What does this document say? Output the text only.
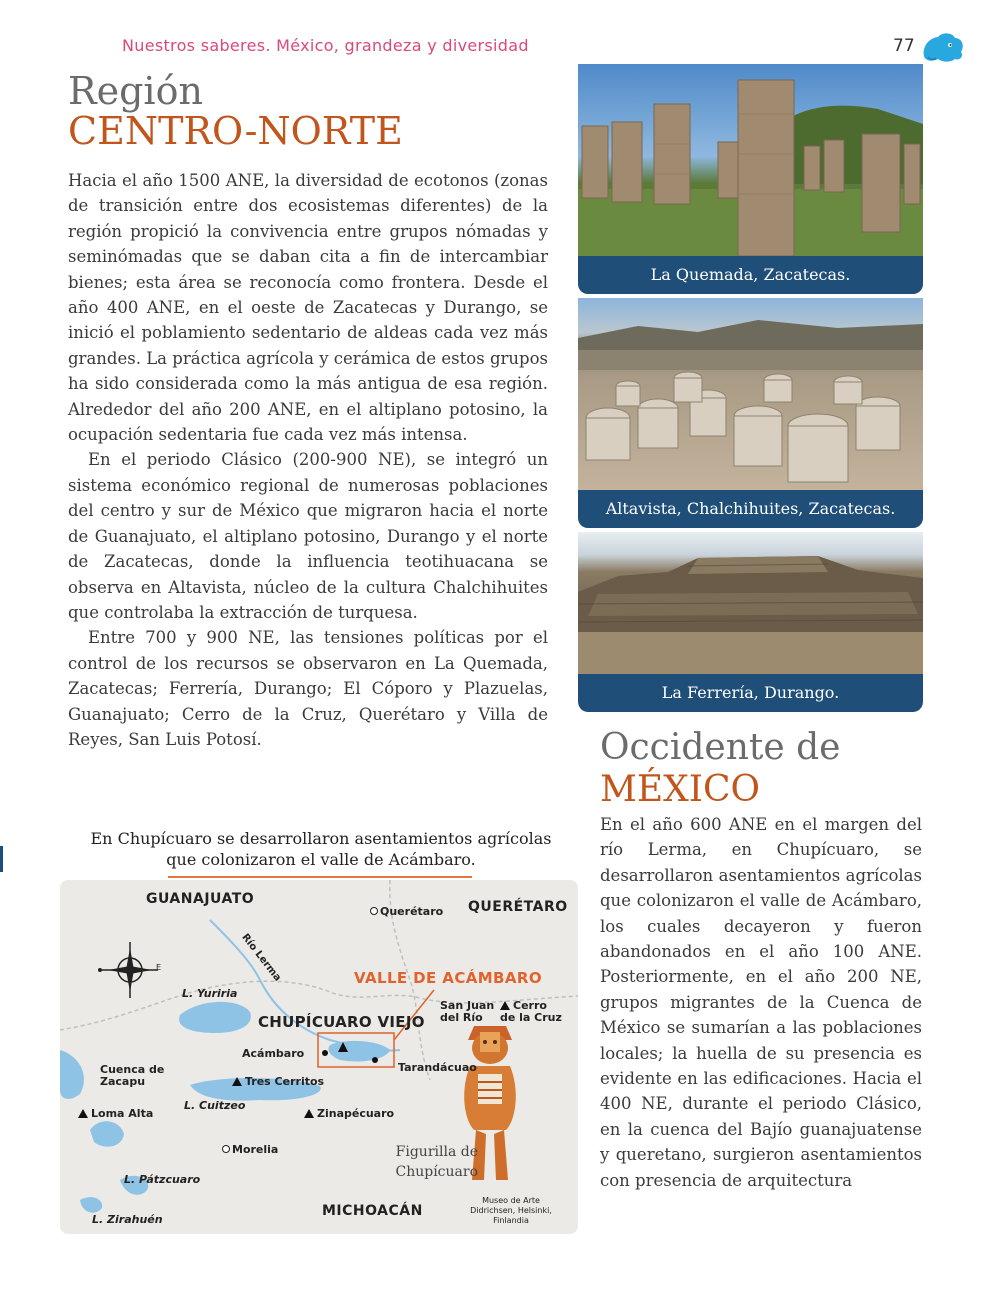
Nuestros saberes. México, grandeza y diversidad	77
Región
CENTRO-NORTE

Hacia el año 1500 ANE, la diversidad de ecotonos (zonas de transición entre dos ecosistemas diferentes) de la región propició la convivencia entre grupos nómadas y seminómadas que se daban cita a fin de intercambiar bienes; esta área se reconocía como frontera. Desde el año 400 ANE, en el oeste de Zacatecas y Durango, se inició el poblamiento sedentario de aldeas cada vez más grandes. La práctica agrícola y cerámica de estos grupos ha sido considerada como la más antigua de esa región. Alrededor del año 200 ANE, en el altiplano potosino, la ocupación sedentaria fue cada vez más intensa.

En el periodo Clásico (200-900 NE), se integró un sistema económico regional de numerosas poblaciones del centro y sur de México que migraron hacia el norte de Guanajuato, el altiplano potosino, Durango y el norte de Zacatecas, donde la influencia teotihuacana se observa en Altavista, núcleo de la cultura Chalchihuites que controlaba la extracción de turquesa.

Entre 700 y 900 NE, las tensiones políticas por el control de los recursos se observaron en La Quemada, Zacatecas; Ferrería, Durango; El Cóporo y Plazuelas, Guanajuato; Cerro de la Cruz, Querétaro y Villa de Reyes, San Luis Potosí.

La Quemada, Zacatecas.
Altavista, Chalchihuites, Zacatecas.
La Ferrería, Durango.
Occidente de
MÉXICO

En el año 600 ANE en el margen del río Lerma, en Chupícuaro, se desarrollaron asentamientos agrícolas que colonizaron el valle de Acámbaro, los cuales decayeron y fueron abandonados en el año 100 ANE. Posteriormente, en el año 200 NE, grupos migrantes de la Cuenca de México se sumarían a las poblaciones locales; la huella de su presencia es evidente en las edificaciones. Hacia el 400 NE, durante el periodo Clásico, en la cuenca del Bajío guanajuatense y queretano, surgieron asentamientos con presencia de arquitectura

En Chupícuaro se desarrollaron asentamientos agrícolas que colonizaron el valle de Acámbaro.
GUANAJUATO	QUERÉTARO
Querétaro
Río Lerma	VALLE DE ACÁMBARO
L. Yuriria
CHUPÍCUARO VIEJO
San Juan del Río
Cerro de la Cruz
Acámbaro
Tarandácuao
Cuenca de Zacapu	Tres Cerritos
L. Cuitzeo
Loma Alta	Zinapécuaro
Morelia	Figurilla de Chupícuaro
L. Pátzcuaro
MICHOACÁN
Museo de Arte Didrichsen, Helsinki, Finlandia
L. Zirahuén
E
